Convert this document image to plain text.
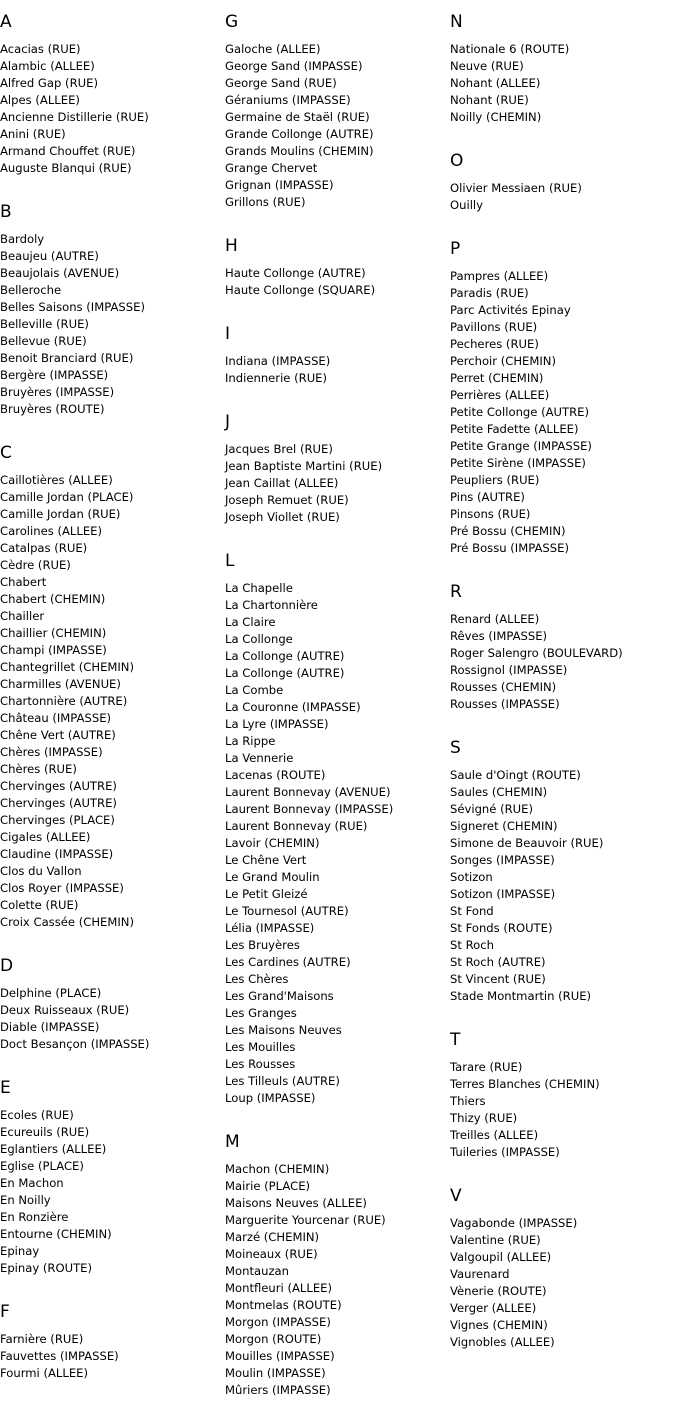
A
Acacias (RUE)
Alambic (ALLEE)
Alfred Gap (RUE)
Alpes (ALLEE)
Ancienne Distillerie (RUE)
Anini (RUE)
Armand Chouffet (RUE)
Auguste Blanqui (RUE)
B
Bardoly
Beaujeu (AUTRE)
Beaujolais (AVENUE)
Belleroche
Belles Saisons (IMPASSE)
Belleville (RUE)
Bellevue (RUE)
Benoit Branciard (RUE)
Bergère (IMPASSE)
Bruyères (IMPASSE)
Bruyères (ROUTE)
C
Caillotières (ALLEE)
Camille Jordan (PLACE)
Camille Jordan (RUE)
Carolines (ALLEE)
Catalpas (RUE)
Cèdre (RUE)
Chabert
Chabert (CHEMIN)
Chailler
Chaillier (CHEMIN)
Champi (IMPASSE)
Chantegrillet (CHEMIN)
Charmilles (AVENUE)
Chartonnière (AUTRE)
Château (IMPASSE)
Chêne Vert (AUTRE)
Chères (IMPASSE)
Chères (RUE)
Chervinges (AUTRE)
Chervinges (AUTRE)
Chervinges (PLACE)
Cigales (ALLEE)
Claudine (IMPASSE)
Clos du Vallon
Clos Royer (IMPASSE)
Colette (RUE)
Croix Cassée (CHEMIN)
D
Delphine (PLACE)
Deux Ruisseaux (RUE)
Diable (IMPASSE)
Doct Besançon (IMPASSE)
E
Ecoles (RUE)
Ecureuils (RUE)
Eglantiers (ALLEE)
Eglise (PLACE)
En Machon
En Noilly
En Ronzière
Entourne (CHEMIN)
Epinay
Epinay (ROUTE)
F
Farnière (RUE)
Fauvettes (IMPASSE)
Fourmi (ALLEE)
G
Galoche (ALLEE)
George Sand (IMPASSE)
George Sand (RUE)
Géraniums (IMPASSE)
Germaine de Staël (RUE)
Grande Collonge (AUTRE)
Grands Moulins (CHEMIN)
Grange Chervet
Grignan (IMPASSE)
Grillons (RUE)
H
Haute Collonge (AUTRE)
Haute Collonge (SQUARE)
I
Indiana (IMPASSE)
Indiennerie (RUE)
J
Jacques Brel (RUE)
Jean Baptiste Martini (RUE)
Jean Caillat (ALLEE)
Joseph Remuet (RUE)
Joseph Viollet (RUE)
L
La Chapelle
La Chartonnière
La Claire
La Collonge
La Collonge (AUTRE)
La Collonge (AUTRE)
La Combe
La Couronne (IMPASSE)
La Lyre (IMPASSE)
La Rippe
La Vennerie
Lacenas (ROUTE)
Laurent Bonnevay (AVENUE)
Laurent Bonnevay (IMPASSE)
Laurent Bonnevay (RUE)
Lavoir (CHEMIN)
Le Chêne Vert
Le Grand Moulin
Le Petit Gleizé
Le Tournesol (AUTRE)
Lélia (IMPASSE)
Les Bruyères
Les Cardines (AUTRE)
Les Chères
Les Grand'Maisons
Les Granges
Les Maisons Neuves
Les Mouilles
Les Rousses
Les Tilleuls (AUTRE)
Loup (IMPASSE)
M
Machon (CHEMIN)
Mairie (PLACE)
Maisons Neuves (ALLEE)
Marguerite Yourcenar (RUE)
Marzé (CHEMIN)
Moineaux (RUE)
Montauzan
Montfleuri (ALLEE)
Montmelas (ROUTE)
Morgon (IMPASSE)
Morgon (ROUTE)
Mouilles (IMPASSE)
Moulin (IMPASSE)
Mûriers (IMPASSE)
N
Nationale 6 (ROUTE)
Neuve (RUE)
Nohant (ALLEE)
Nohant (RUE)
Noilly (CHEMIN)
O
Olivier Messiaen (RUE)
Ouilly
P
Pampres (ALLEE)
Paradis (RUE)
Parc Activités Epinay
Pavillons (RUE)
Pecheres (RUE)
Perchoir (CHEMIN)
Perret (CHEMIN)
Perrières (ALLEE)
Petite Collonge (AUTRE)
Petite Fadette (ALLEE)
Petite Grange (IMPASSE)
Petite Sirène (IMPASSE)
Peupliers (RUE)
Pins (AUTRE)
Pinsons (RUE)
Pré Bossu (CHEMIN)
Pré Bossu (IMPASSE)
R
Renard (ALLEE)
Rêves (IMPASSE)
Roger Salengro (BOULEVARD)
Rossignol (IMPASSE)
Rousses (CHEMIN)
Rousses (IMPASSE)
S
Saule d'Oingt (ROUTE)
Saules (CHEMIN)
Sévigné (RUE)
Signeret (CHEMIN)
Simone de Beauvoir (RUE)
Songes (IMPASSE)
Sotizon
Sotizon (IMPASSE)
St Fond
St Fonds (ROUTE)
St Roch
St Roch (AUTRE)
St Vincent (RUE)
Stade Montmartin (RUE)
T
Tarare (RUE)
Terres Blanches (CHEMIN)
Thiers
Thizy (RUE)
Treilles (ALLEE)
Tuileries (IMPASSE)
V
Vagabonde (IMPASSE)
Valentine (RUE)
Valgoupil (ALLEE)
Vaurenard
Vènerie (ROUTE)
Verger (ALLEE)
Vignes (CHEMIN)
Vignobles (ALLEE)
